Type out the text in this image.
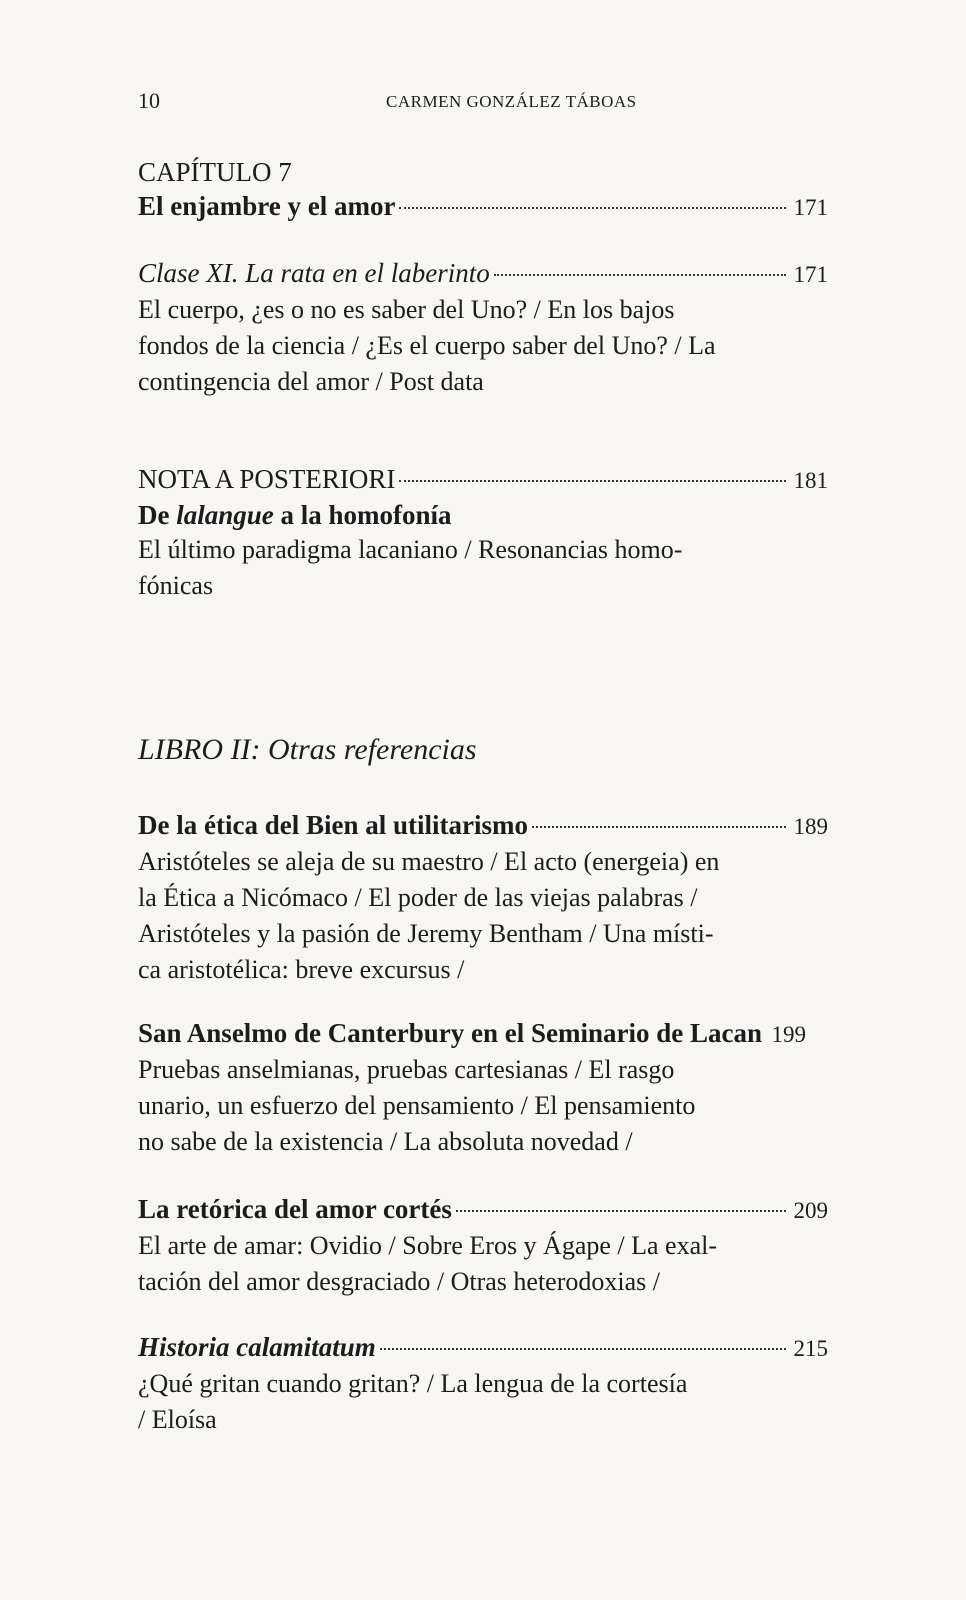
10	CARMEN GONZÁLEZ TÁBOAS
CAPÍTULO 7
El enjambre y el amor	171
Clase XI. La rata en el laberinto	171
El cuerpo, ¿es o no es saber del Uno? / En los bajos
fondos de la ciencia / ¿Es el cuerpo saber del Uno? / La
contingencia del amor / Post data
NOTA A POSTERIORI	181
De lalangue a la homofonía
El último paradigma lacaniano / Resonancias homo-
fónicas
LIBRO II: Otras referencias
De la ética del Bien al utilitarismo	189
Aristóteles se aleja de su maestro / El acto (energeia) en
la Ética a Nicómaco / El poder de las viejas palabras /
Aristóteles y la pasión de Jeremy Bentham / Una místi-
ca aristotélica: breve excursus /
San Anselmo de Canterbury en el Seminario de Lacan 199
Pruebas anselmianas, pruebas cartesianas / El rasgo
unario, un esfuerzo del pensamiento / El pensamiento
no sabe de la existencia / La absoluta novedad /
La retórica del amor cortés	209
El arte de amar: Ovidio / Sobre Eros y Ágape / La exal-
tación del amor desgraciado / Otras heterodoxias /
Historia calamitatum	215
¿Qué gritan cuando gritan? / La lengua de la cortesía
/ Eloísa
